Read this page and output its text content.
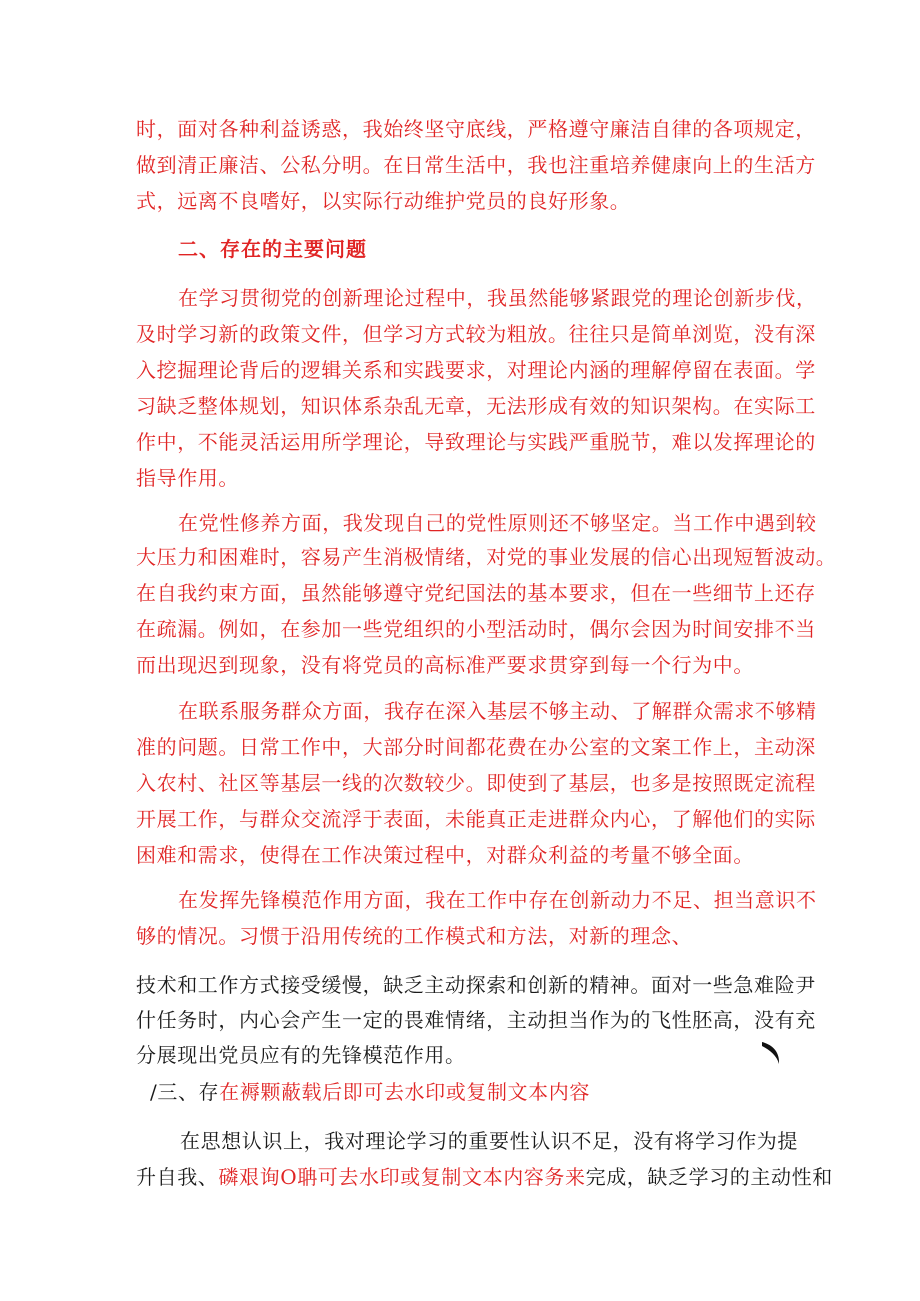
时，面对各种利益诱惑，我始终坚守底线，严格遵守廉洁自律的各项规定，
做到清正廉洁、公私分明。在日常生活中，我也注重培养健康向上的生活方
式，远离不良嗜好，以实际行动维护党员的良好形象。
二、存在的主要问题
在学习贯彻党的创新理论过程中，我虽然能够紧跟党的理论创新步伐，
及时学习新的政策文件，但学习方式较为粗放。往往只是简单浏览，没有深
入挖掘理论背后的逻辑关系和实践要求，对理论内涵的理解停留在表面。学
习缺乏整体规划，知识体系杂乱无章，无法形成有效的知识架构。在实际工
作中，不能灵活运用所学理论，导致理论与实践严重脱节，难以发挥理论的
指导作用。
在党性修养方面，我发现自己的党性原则还不够坚定。当工作中遇到较
大压力和困难时，容易产生消极情绪，对党的事业发展的信心出现短暂波动。
在自我约束方面，虽然能够遵守党纪国法的基本要求，但在一些细节上还存
在疏漏。例如，在参加一些党组织的小型活动时，偶尔会因为时间安排不当
而出现迟到现象，没有将党员的高标准严要求贯穿到每一个行为中。
在联系服务群众方面，我存在深入基层不够主动、了解群众需求不够精
准的问题。日常工作中，大部分时间都花费在办公室的文案工作上，主动深
入农村、社区等基层一线的次数较少。即使到了基层，也多是按照既定流程
开展工作，与群众交流浮于表面，未能真正走进群众内心，了解他们的实际
困难和需求，使得在工作决策过程中，对群众利益的考量不够全面。
在发挥先锋模范作用方面，我在工作中存在创新动力不足、担当意识不
够的情况。习惯于沿用传统的工作模式和方法，对新的理念、
技术和工作方式接受缓慢，缺乏主动探索和创新的精神。面对一些急难险尹
什任务时，内心会产生一定的畏难情绪，主动担当作为的飞性胚高，没有充
分展现出党员应有的先锋模范作用。
/三、存在褥颗蔽载后即可去水印或复制文本内容
在思想认识上，我对理论学习的重要性认识不足，没有将学习作为提
升自我、磷艰询O聃可去水印或复制文本内容务来完成，缺乏学习的主动性和
